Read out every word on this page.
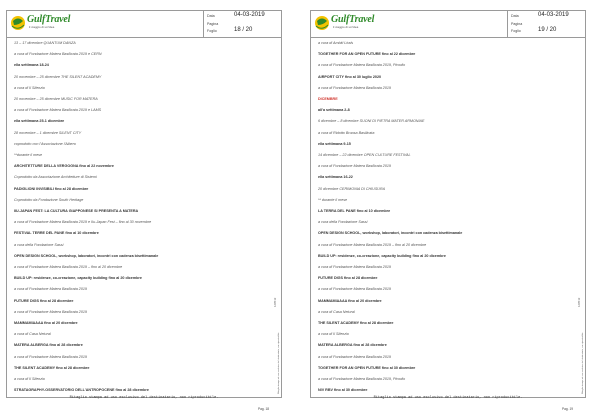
GulfTravel
il viaggio di un'idea
Data	04-03-2019
Pagina
Foglio	18 / 20
13 – 17 dicembre QUANTUM DANZA
a cura di Fondazione Matera Basilicata 2019 e CERN
ella settimana 18-24
20 novembre – 25 dicembre THE SILENT ACADEMY
a cura di Il Silenzio
20 novembre – 25 dicembre MUSIC FOR MATERA
a cura di Fondazione Matera Basilicata 2019 e LAMS
ella settimana 25-1 dicembre
28 novembre – 1 dicembre SILENT CITY
coprodotto con l'Associazione l'Albero
**durante il mese
ARCHITETTURE DELLA VERGOGNA fino al 22 novembre
Coprodotto da Associazione Architetture di Sistemi
PADIGLIONI INVISIBILI fino al 28 dicembre
Coprodotto da Fondazione South Heritage
IIU-JAPAN FEST: LA CULTURA GIAPPONESE SI PRESENTA A MATERA
a cura di Fondazione Matera Basilicata 2019 e IIu-Japan Fest – fino al 30 novembre
FESTIVAL TERRE DEL PANE fino al 10 dicembre
a cura della Fondazione Sassi
OPEN DESIGN SCHOOL, workshop, laboratori, incontri con cadenza bisettimanale
a cura di Fondazione Matera Basilicata 2019 – fino al 20 dicembre
BUILD UP: residenze, co-creazione, capacity building fino al 20 dicembre
a cura di Fondazione Matera Basilicata 2019
FUTURE DIGS fino al 28 dicembre
a cura di Fondazione Matera Basilicata 2019
MAMMAMIAAAA fino al 20 dicembre
a cura di Casa Netural
MATERA ALBERGA fino al 28 dicembre
a cura di Fondazione Matera Basilicata 2019
THE SILENT ACADEMY fino al 28 dicembre
a cura di Il Silenzio
STRATAGRAPHY-OSSERVATORIO DELL'ANTROPOCENE fino al 28 dicembre
128513
Ritaglio stampa ad uso esclusivo del destinatario, non riproducibile.
Ritaglio stampa ad uso esclusivo del destinatario, non riproducibile.
Pag. 18
GulfTravel
il viaggio di un'idea
Data	04-03-2019
Pagina
Foglio	19 / 20
a cura di Ambiti Lirals
TOGETHER FOR AN OPEN FUTURE fino al 22 dicembre
a cura di Fondazione Matera Basilicata 2019, Picodio
AIRPORT CITY fino al 30 luglio 2020
a cura di Fondazione Matera Basilicata 2019
DICEMBRE
all'a settimana 2-8
6 dicembre – 8 dicembre SUONI DI PIETRA MATER ARMONIAE
a cura di Ridotto Bruosa Basilicata
ella settimana 9-15
14 dicembre – 22 dicembre OPEN CULTURE FESTIVAL
a cura di Fondazione Matera Basilicata 2019
ella settimana 16-22
20 dicembre CERIMONIA DI CHIUSURA
** durante il mese
LA TERRA DEL PANE fino al 10 dicembre
a cura della Fondazione Sassi
OPEN DESIGN SCHOOL, workshop, laboratori, incontri con cadenza bisettimanale
a cura di Fondazione Matera Basilicata 2019 – fino al 20 dicembre
BUILD UP: residenze, co-creazione, capacity building fino al 20 dicembre
a cura di Fondazione Matera Basilicata 2019
FUTURE DIGS fino al 28 dicembre
a cura di Fondazione Matera Basilicata 2019
MAMMAMIAAAA fino al 20 dicembre
a cura di Casa Netural
THE SILENT ACADEMY fino al 28 dicembre
a cura di Il Silenzio
MATERA ALBERGA fino al 28 dicembre
a cura di Fondazione Matera Basilicata 2019
TOGETHER FOR AN OPEN FUTURE fino al 30 dicembre
a cura di Fondazione Matera Basilicata 2019, Picodio
NIV RBV fino al 30 dicembre
128513
Ritaglio stampa ad uso esclusivo del destinatario, non riproducibile.
Ritaglio stampa ad uso esclusivo del destinatario, non riproducibile.
Pag. 19
